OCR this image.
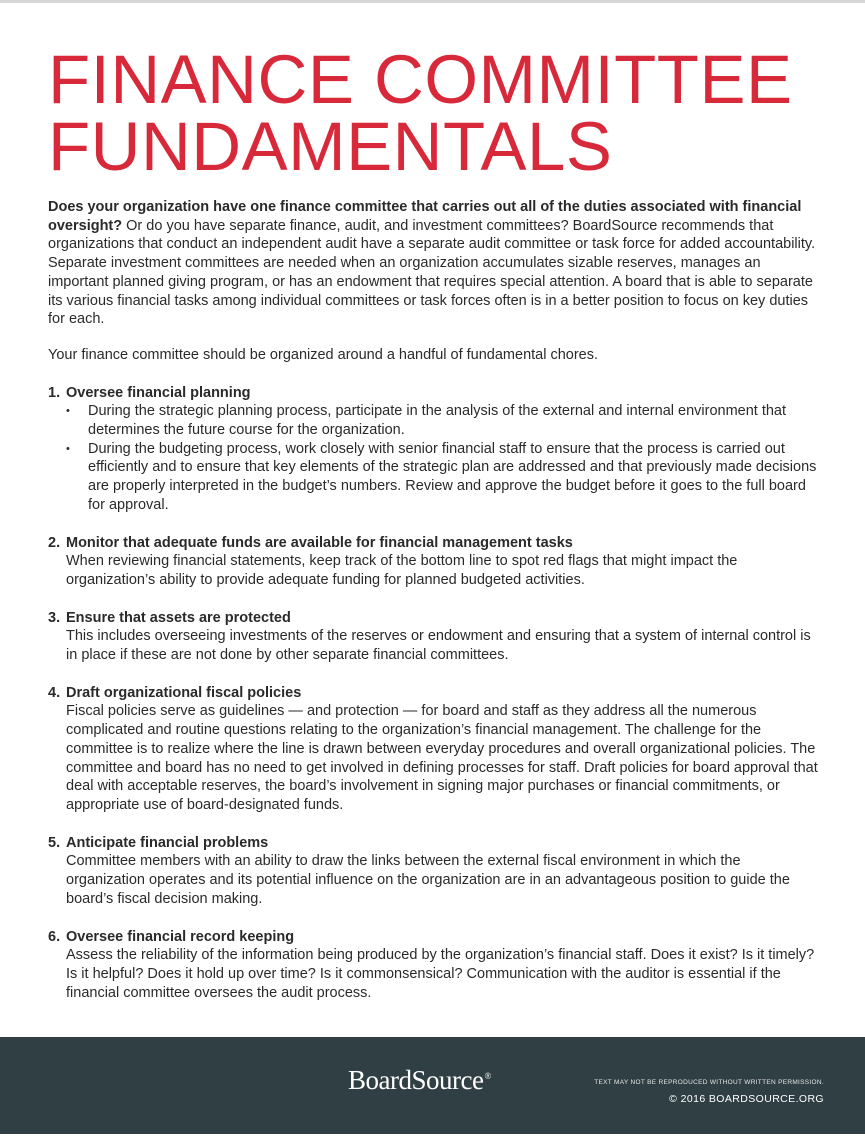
FINANCE COMMITTEE
FUNDAMENTALS

Does your organization have one finance committee that carries out all of the duties associated with financial oversight? Or do you have separate finance, audit, and investment committees? BoardSource recommends that organizations that conduct an independent audit have a separate audit committee or task force for added accountability. Separate investment committees are needed when an organization accumulates sizable reserves, manages an important planned giving program, or has an endowment that requires special attention. A board that is able to separate its various financial tasks among individual committees or task forces often is in a better position to focus on key duties for each.

Your finance committee should be organized around a handful of fundamental chores.

1. Oversee financial planning
• During the strategic planning process, participate in the analysis of the external and internal environment that determines the future course for the organization.
• During the budgeting process, work closely with senior financial staff to ensure that the process is carried out efficiently and to ensure that key elements of the strategic plan are addressed and that previously made decisions are properly interpreted in the budget’s numbers. Review and approve the budget before it goes to the full board for approval.
2. Monitor that adequate funds are available for financial management tasks
When reviewing financial statements, keep track of the bottom line to spot red flags that might impact the organization’s ability to provide adequate funding for planned budgeted activities.
3. Ensure that assets are protected
This includes overseeing investments of the reserves or endowment and ensuring that a system of internal control is in place if these are not done by other separate financial committees.
4. Draft organizational fiscal policies
Fiscal policies serve as guidelines — and protection — for board and staff as they address all the numerous complicated and routine questions relating to the organization’s financial management. The challenge for the committee is to realize where the line is drawn between everyday procedures and overall organizational policies. The committee and board has no need to get involved in defining processes for staff. Draft policies for board approval that deal with acceptable reserves, the board’s involvement in signing major purchases or financial commitments, or appropriate use of board-designated funds.
5. Anticipate financial problems
Committee members with an ability to draw the links between the external fiscal environment in which the organization operates and its potential influence on the organization are in an advantageous position to guide the board’s fiscal decision making.
6. Oversee financial record keeping
Assess the reliability of the information being produced by the organization’s financial staff. Does it exist? Is it timely? Is it helpful? Does it hold up over time? Is it commonsensical? Communication with the auditor is essential if the financial committee oversees the audit process.
BoardSource®
TEXT MAY NOT BE REPRODUCED WITHOUT WRITTEN PERMISSION.
© 2016 BOARDSOURCE.ORG
